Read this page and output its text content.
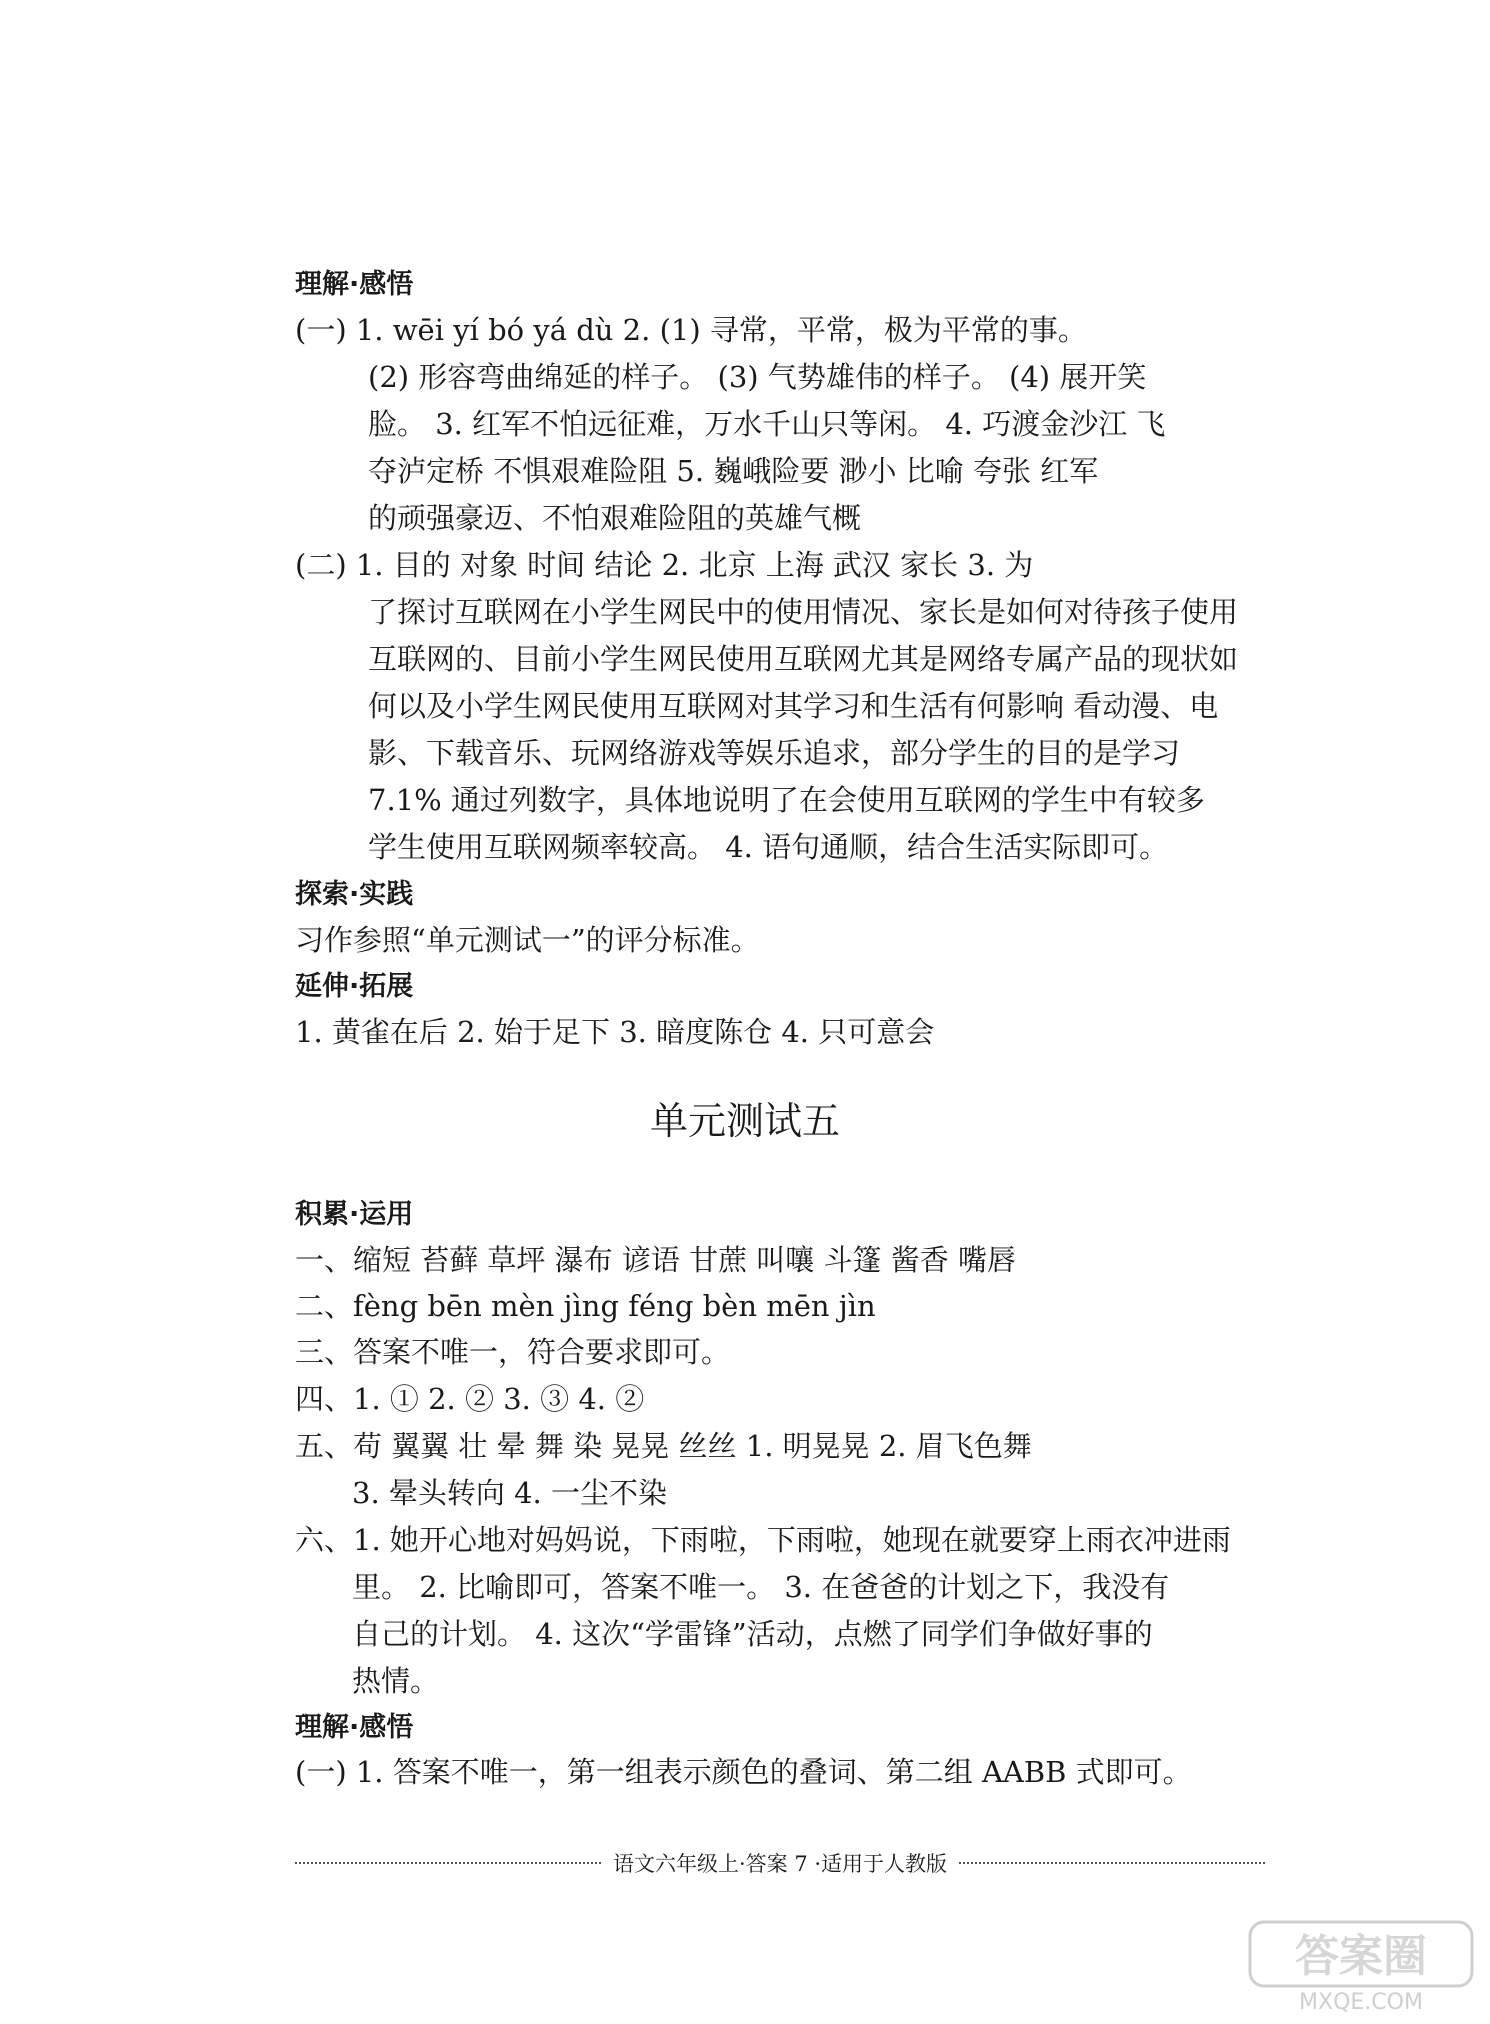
理解·感悟
(一) 1. wēi yí bó yá dù 2. (1) 寻常，平常，极为平常的事。
(2) 形容弯曲绵延的样子。 (3) 气势雄伟的样子。 (4) 展开笑
脸。 3. 红军不怕远征难，万水千山只等闲。 4. 巧渡金沙江 飞
夺泸定桥 不惧艰难险阻 5. 巍峨险要 渺小 比喻 夸张 红军
的顽强豪迈、不怕艰难险阻的英雄气概
(二) 1. 目的 对象 时间 结论 2. 北京 上海 武汉 家长 3. 为
了探讨互联网在小学生网民中的使用情况、家长是如何对待孩子使用
互联网的、目前小学生网民使用互联网尤其是网络专属产品的现状如
何以及小学生网民使用互联网对其学习和生活有何影响 看动漫、电
影、下载音乐、玩网络游戏等娱乐追求，部分学生的目的是学习
7.1% 通过列数字，具体地说明了在会使用互联网的学生中有较多
学生使用互联网频率较高。 4. 语句通顺，结合生活实际即可。
探索·实践
习作参照“单元测试一”的评分标准。
延伸·拓展
1. 黄雀在后 2. 始于足下 3. 暗度陈仓 4. 只可意会
单元测试五
积累·运用
一、缩短 苔藓 草坪 瀑布 谚语 甘蔗 叫嚷 斗篷 酱香 嘴唇
二、fèng bēn mèn jìng féng bèn mēn jìn
三、答案不唯一，符合要求即可。
四、1. ① 2. ② 3. ③ 4. ②
五、苟 翼翼 壮 晕 舞 染 晃晃 丝丝 1. 明晃晃 2. 眉飞色舞
3. 晕头转向 4. 一尘不染
六、1. 她开心地对妈妈说，下雨啦，下雨啦，她现在就要穿上雨衣冲进雨
里。 2. 比喻即可，答案不唯一。 3. 在爸爸的计划之下，我没有
自己的计划。 4. 这次“学雷锋”活动，点燃了同学们争做好事的
热情。
理解·感悟
(一) 1. 答案不唯一，第一组表示颜色的叠词、第二组 AABB 式即可。
语文六年级上·答案 7 ·适用于人教版
答案圈
MXQE.COM
